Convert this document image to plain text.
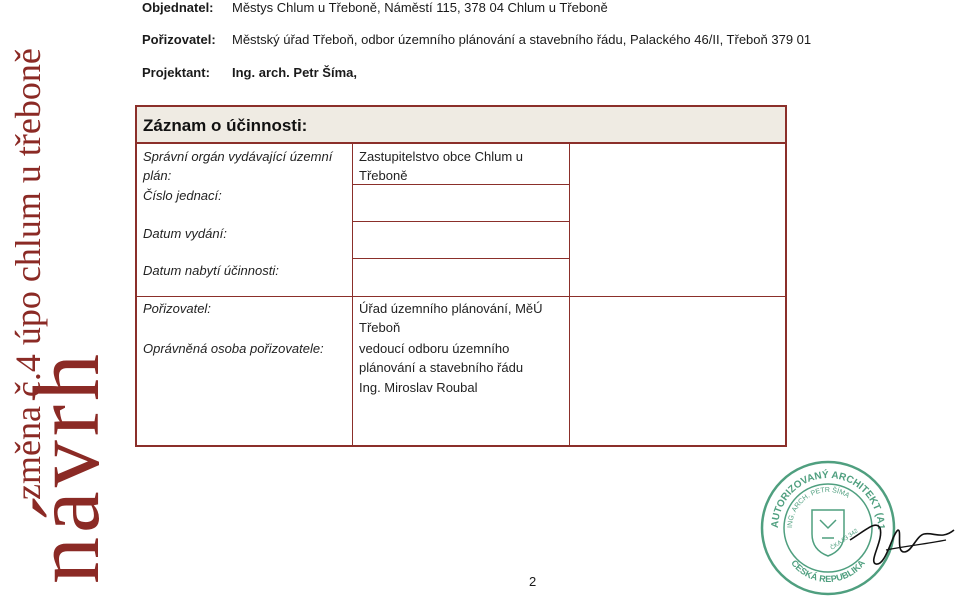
návrh
změna č.4 úpo chlum u třeboně
Objednatel: Městys Chlum u Třeboně, Náměstí 115, 378 04 Chlum u Třeboně
Pořizovatel: Městský úřad Třeboň, odbor územního plánování a stavebního řádu, Palackého 46/II, Třeboň 379 01
Projektant: Ing. arch. Petr Šíma,
Záznam o účinnosti:
Správní orgán vydávající územní
plán:
Číslo jednací:
Datum vydání:
Datum nabytí účinnosti:
Pořizovatel:
Oprávněná osoba pořizovatele:
Zastupitelstvo obce Chlum u
Třeboně
Úřad územního plánování, MěÚ
Třeboň
vedoucí odboru územního
plánování a stavebního řádu
Ing. Miroslav Roubal
2
AUTORIZOVANÝ ARCHITEKT (A1
ING. ARCH. PETR ŠÍMA
ČESKÁ REPUBLIKA
ČKA 03 342
